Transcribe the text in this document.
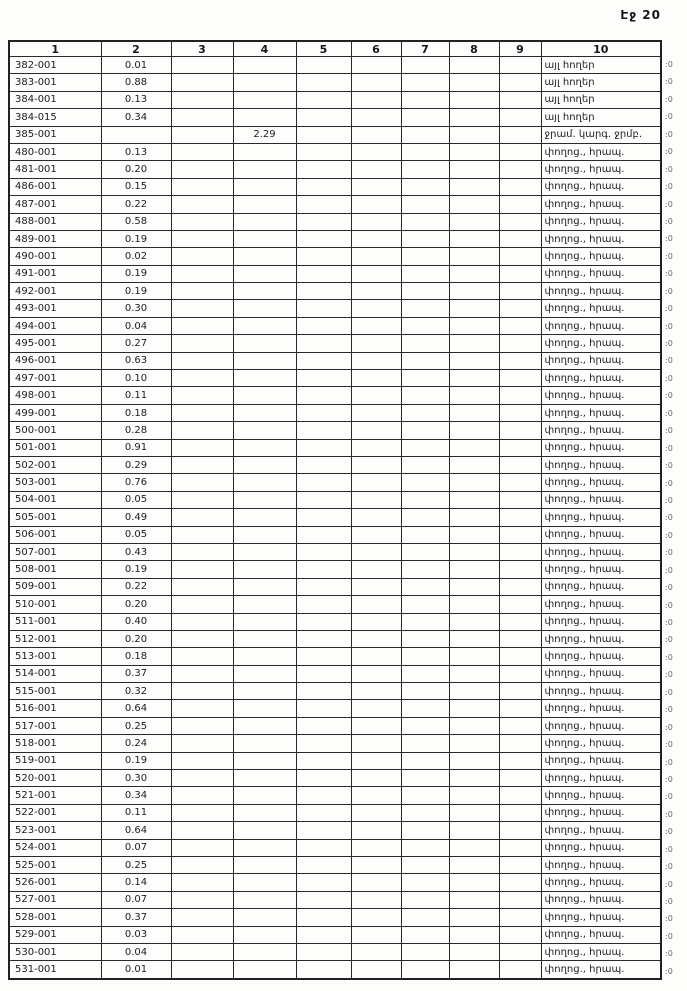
Էջ 20
1	2	3	4	5	6	7	8	9	10
382-001	0.01								այլ հողեր
383-001	0.88								այլ հողեր
384-001	0.13								այլ հողեր
384-015	0.34								այլ հողեր
385-001			2.29						ջրամ. կարգ. ջրմբ.
480-001	0.13								փողոց., հրապ.
481-001	0.20								փողոց., հրապ.
486-001	0.15								փողոց., հրապ.
487-001	0.22								փողոց., հրապ.
488-001	0.58								փողոց., հրապ.
489-001	0.19								փողոց., հրապ.
490-001	0.02								փողոց., հրապ.
491-001	0.19								փողոց., հրապ.
492-001	0.19								փողոց., հրապ.
493-001	0.30								փողոց., հրապ.
494-001	0.04								փողոց., հրապ.
495-001	0.27								փողոց., հրապ.
496-001	0.63								փողոց., հրապ.
497-001	0.10								փողոց., հրապ.
498-001	0.11								փողոց., հրապ.
499-001	0.18								փողոց., հրապ.
500-001	0.28								փողոց., հրապ.
501-001	0.91								փողոց., հրապ.
502-001	0.29								փողոց., հրապ.
503-001	0.76								փողոց., հրապ.
504-001	0.05								փողոց., հրապ.
505-001	0.49								փողոց., հրապ.
506-001	0.05								փողոց., հրապ.
507-001	0.43								փողոց., հրապ.
508-001	0.19								փողոց., հրապ.
509-001	0.22								փողոց., հրապ.
510-001	0.20								փողոց., հրապ.
511-001	0.40								փողոց., հրապ.
512-001	0.20								փողոց., հրապ.
513-001	0.18								փողոց., հրապ.
514-001	0.37								փողոց., հրապ.
515-001	0.32								փողոց., հրապ.
516-001	0.64								փողոց., հրապ.
517-001	0.25								փողոց., հրապ.
518-001	0.24								փողոց., հրապ.
519-001	0.19								փողոց., հրապ.
520-001	0.30								փողոց., հրապ.
521-001	0.34								փողոց., հրապ.
522-001	0.11								փողոց., հրապ.
523-001	0.64								փողոց., հրապ.
524-001	0.07								փողոց., հրապ.
525-001	0.25								փողոց., հրապ.
526-001	0.14								փողոց., հրապ.
527-001	0.07								փողոց., հրապ.
528-001	0.37								փողոց., հրապ.
529-001	0.03								փողոց., հրապ.
530-001	0.04								փողոց., հրապ.
531-001	0.01								փողոց., հրապ.
:0
:0
:0
:0
:0
:0
:0
:0
:0
:0
:0
:0
:0
:0
:0
:0
:0
:0
:0
:0
:0
:0
:0
:0
:0
:0
:0
:0
:0
:0
:0
:0
:0
:0
:0
:0
:0
:0
:0
:0
:0
:0
:0
:0
:0
:0
:0
:0
:0
:0
:0
:0
:0
